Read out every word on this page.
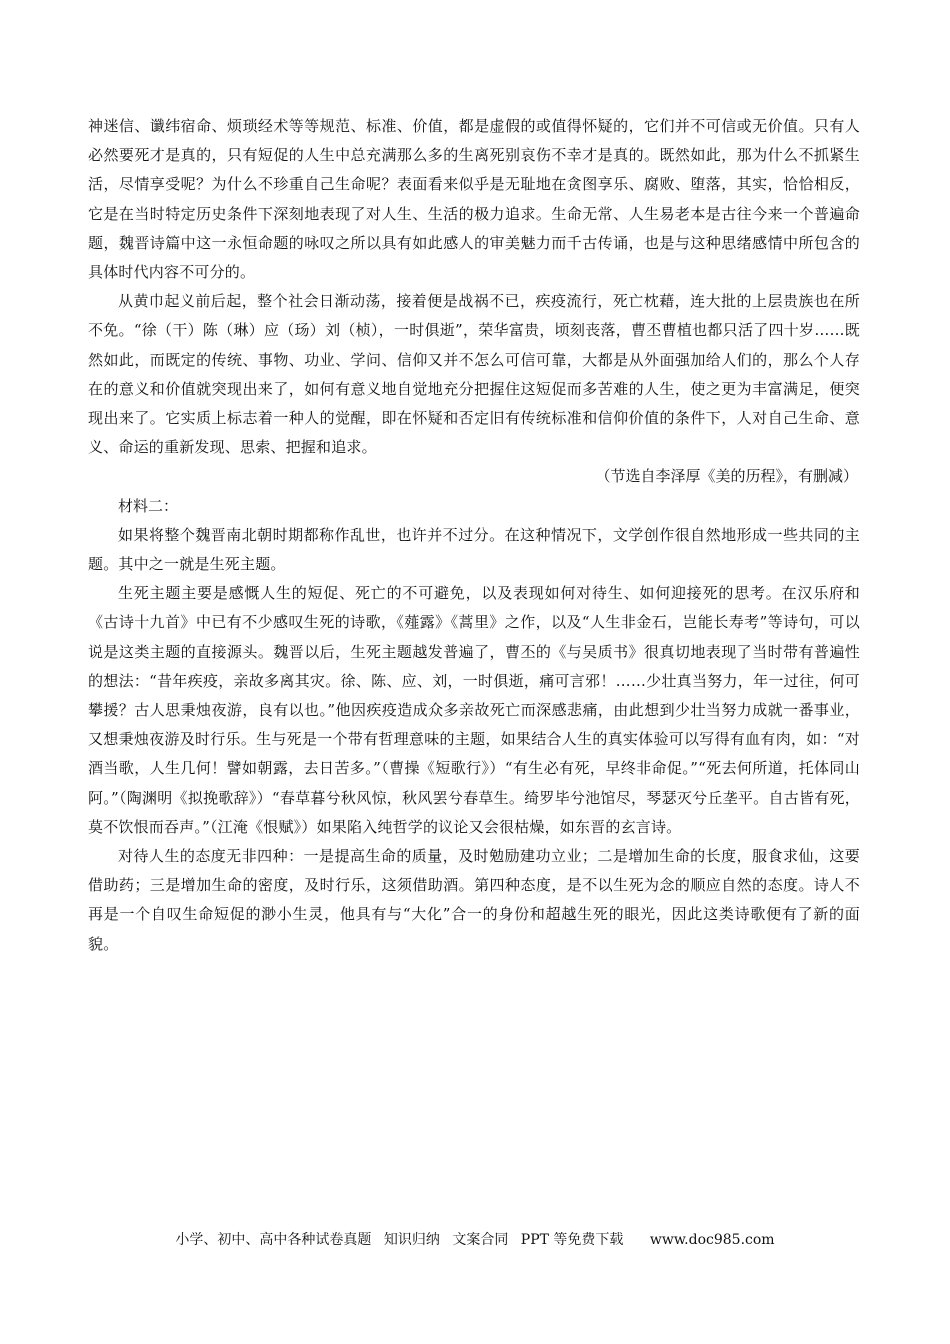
神迷信、谶纬宿命、烦琐经术等等规范、标准、价值，都是虚假的或值得怀疑的，它们并不可信或无价值。只有人必然要死才是真的，只有短促的人生中总充满那么多的生离死别哀伤不幸才是真的。既然如此，那为什么不抓紧生活，尽情享受呢？为什么不珍重自己生命呢？表面看来似乎是无耻地在贪图享乐、腐败、堕落，其实，恰恰相反，它是在当时特定历史条件下深刻地表现了对人生、生活的极力追求。生命无常、人生易老本是古往今来一个普遍命题，魏晋诗篇中这一永恒命题的咏叹之所以具有如此感人的审美魅力而千古传诵，也是与这种思绪感情中所包含的具体时代内容不可分的。

从黄巾起义前后起，整个社会日渐动荡，接着便是战祸不已，疾疫流行，死亡枕藉，连大批的上层贵族也在所不免。“徐（干）陈（琳）应（玚）刘（桢），一时俱逝”，荣华富贵，顷刻丧落，曹丕曹植也都只活了四十岁……既然如此，而既定的传统、事物、功业、学问、信仰又并不怎么可信可靠，大都是从外面强加给人们的，那么个人存在的意义和价值就突现出来了，如何有意义地自觉地充分把握住这短促而多苦难的人生，使之更为丰富满足，便突现出来了。它实质上标志着一种人的觉醒，即在怀疑和否定旧有传统标准和信仰价值的条件下，人对自己生命、意义、命运的重新发现、思索、把握和追求。

（节选自李泽厚《美的历程》，有删减）

材料二：

如果将整个魏晋南北朝时期都称作乱世，也许并不过分。在这种情况下，文学创作很自然地形成一些共同的主题。其中之一就是生死主题。

生死主题主要是感慨人生的短促、死亡的不可避免，以及表现如何对待生、如何迎接死的思考。在汉乐府和《古诗十九首》中已有不少感叹生死的诗歌，《薤露》《蒿里》之作，以及“人生非金石，岂能长寿考”等诗句，可以说是这类主题的直接源头。魏晋以后，生死主题越发普遍了，曹丕的《与吴质书》很真切地表现了当时带有普遍性的想法：“昔年疾疫，亲故多离其灾。徐、陈、应、刘，一时俱逝，痛可言邪！……少壮真当努力，年一过往，何可攀援？古人思秉烛夜游，良有以也。”他因疾疫造成众多亲故死亡而深感悲痛，由此想到少壮当努力成就一番事业，又想秉烛夜游及时行乐。生与死是一个带有哲理意味的主题，如果结合人生的真实体验可以写得有血有肉，如：“对酒当歌，人生几何！譬如朝露，去日苦多。”（曹操《短歌行》）“有生必有死，早终非命促。”“死去何所道，托体同山阿。”（陶渊明《拟挽歌辞》）“春草暮兮秋风惊，秋风罢兮春草生。绮罗毕兮池馆尽，琴瑟灭兮丘垄平。自古皆有死，莫不饮恨而吞声。”（江淹《恨赋》）如果陷入纯哲学的议论又会很枯燥，如东晋的玄言诗。

对待人生的态度无非四种：一是提高生命的质量，及时勉励建功立业；二是增加生命的长度，服食求仙，这要借助药；三是增加生命的密度，及时行乐，这须借助酒。第四种态度，是不以生死为念的顺应自然的态度。诗人不再是一个自叹生命短促的渺小生灵，他具有与“大化”合一的身份和超越生死的眼光，因此这类诗歌便有了新的面貌。

小学、初中、高中各种试卷真题 知识归纳 文案合同 PPT 等免费下载 www.doc985.com
